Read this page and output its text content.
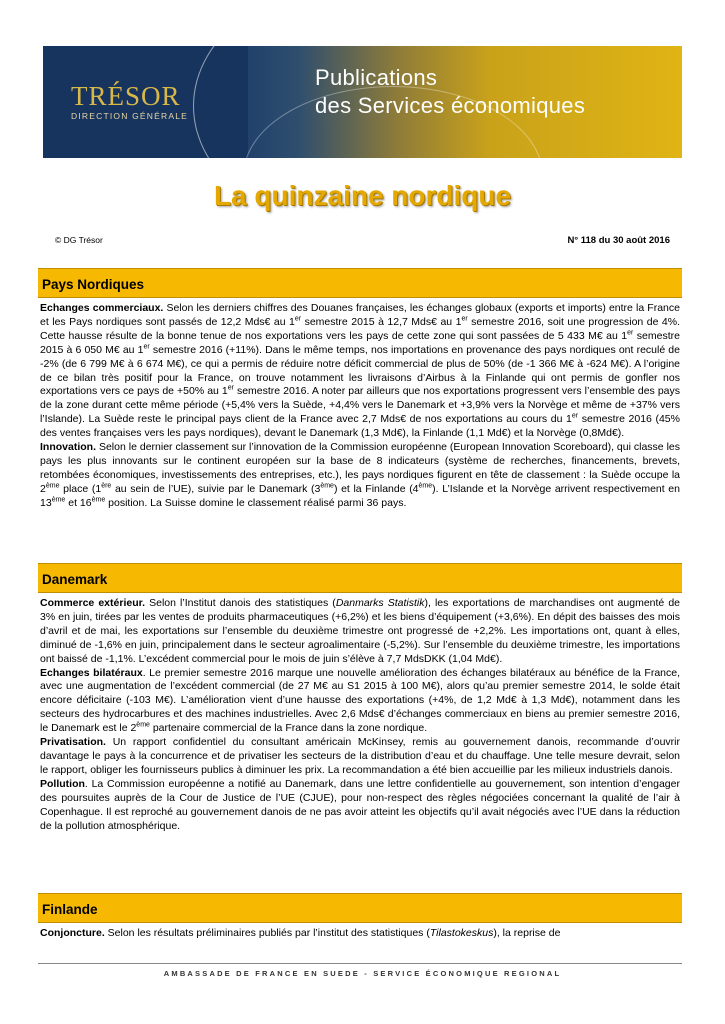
TRÉSOR
DIRECTION GÉNÉRALE
Publications
des Services économiques
La quinzaine nordique
© DG Trésor	N° 118 du 30 août 2016
Pays Nordiques
Echanges commerciaux. Selon les derniers chiffres des Douanes françaises, les échanges globaux (exports et imports) entre la France et les Pays nordiques sont passés de 12,2 Mds€ au 1er semestre 2015 à 12,7 Mds€ au 1er semestre 2016, soit une progression de 4%. Cette hausse résulte de la bonne tenue de nos exportations vers les pays de cette zone qui sont passées de 5 433 M€ au 1er semestre 2015 à 6 050 M€ au 1er semestre 2016 (+11%). Dans le même temps, nos importations en provenance des pays nordiques ont reculé de -2% (de 6 799 M€ à 6 674 M€), ce qui a permis de réduire notre déficit commercial de plus de 50% (de -1 366 M€ à -624 M€). A l’origine de ce bilan très positif pour la France, on trouve notamment les livraisons d’Airbus à la Finlande qui ont permis de gonfler nos exportations vers ce pays de +50% au 1er semestre 2016. A noter par ailleurs que nos exportations progressent vers l’ensemble des pays de la zone durant cette même période (+5,4% vers la Suède, +4,4% vers le Danemark et +3,9% vers la Norvège et même de +37% vers l’Islande). La Suède reste le principal pays client de la France avec 2,7 Mds€ de nos exportations au cours du 1er semestre 2016 (45% des ventes françaises vers les pays nordiques), devant le Danemark (1,3 Md€), la Finlande (1,1 Md€) et la Norvège (0,8Md€).
Innovation. Selon le dernier classement sur l’innovation de la Commission européenne (European Innovation Scoreboard), qui classe les pays les plus innovants sur le continent européen sur la base de 8 indicateurs (système de recherches, financements, brevets, retombées économiques, investissements des entreprises, etc.), les pays nordiques figurent en tête de classement : la Suède occupe la 2ème place (1ère au sein de l’UE), suivie par le Danemark (3ème) et la Finlande (4ème). L’Islande et la Norvège arrivent respectivement en 13ème et 16ème position. La Suisse domine le classement réalisé parmi 36 pays.
Danemark
Commerce extérieur. Selon l’Institut danois des statistiques (Danmarks Statistik), les exportations de marchandises ont augmenté de 3% en juin, tirées par les ventes de produits pharmaceutiques (+6,2%) et les biens d’équipement (+3,6%). En dépit des baisses des mois d’avril et de mai, les exportations sur l’ensemble du deuxième trimestre ont progressé de +2,2%. Les importations ont, quant à elles, diminué de -1,6% en juin, principalement dans le secteur agroalimentaire (-5,2%). Sur l’ensemble du deuxième trimestre, les importations ont baissé de -1,1%. L’excédent commercial pour le mois de juin s’élève à 7,7 MdsDKK (1,04 Md€).
Echanges bilatéraux. Le premier semestre 2016 marque une nouvelle amélioration des échanges bilatéraux au bénéfice de la France, avec une augmentation de l’excédent commercial (de 27 M€ au S1 2015 à 100 M€), alors qu’au premier semestre 2014, le solde était encore déficitaire (-103 M€). L’amélioration vient d’une hausse des exportations (+4%, de 1,2 Md€ à 1,3 Md€), notamment dans les secteurs des hydrocarbures et des machines industrielles. Avec 2,6 Mds€ d’échanges commerciaux en biens au premier semestre 2016, le Danemark est le 2ème partenaire commercial de la France dans la zone nordique.
Privatisation. Un rapport confidentiel du consultant américain McKinsey, remis au gouvernement danois, recommande d’ouvrir davantage le pays à la concurrence et de privatiser les secteurs de la distribution d’eau et du chauffage. Une telle mesure devrait, selon le rapport, obliger les fournisseurs publics à diminuer les prix. La recommandation a été bien accueillie par les milieux industriels danois.
Pollution. La Commission européenne a notifié au Danemark, dans une lettre confidentielle au gouvernement, son intention d’engager des poursuites auprès de la Cour de Justice de l’UE (CJUE), pour non-respect des règles négociées concernant la qualité de l’air à Copenhague. Il est reproché au gouvernement danois de ne pas avoir atteint les objectifs qu’il avait négociés avec l’UE dans la réduction de la pollution atmosphérique.
Finlande
Conjoncture. Selon les résultats préliminaires publiés par l’institut des statistiques (Tilastokeskus), la reprise de
AMBASSADE DE FRANCE EN SUEDE - SERVICE ÉCONOMIQUE REGIONAL
